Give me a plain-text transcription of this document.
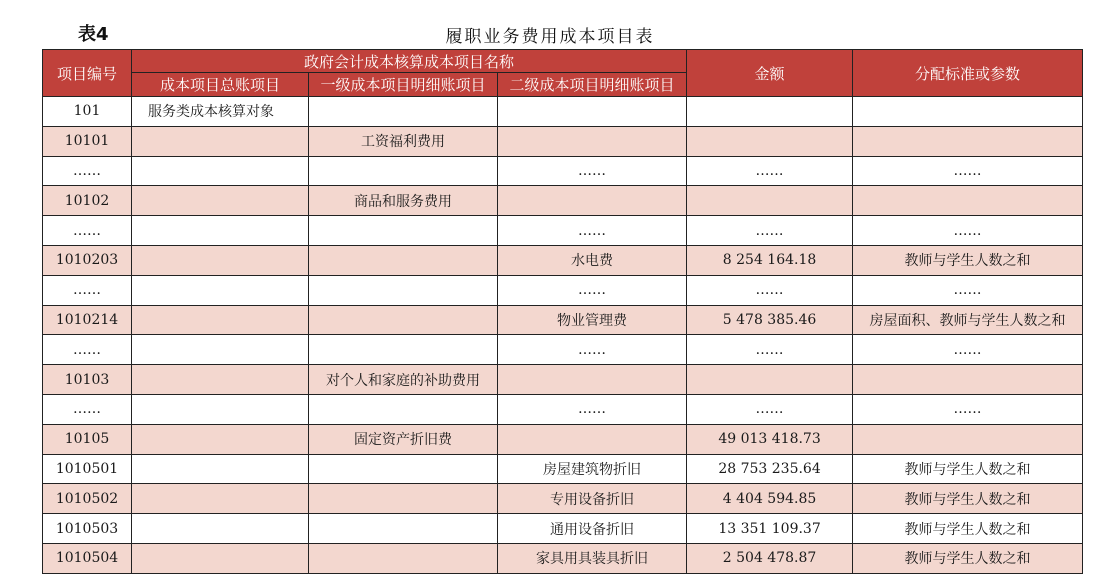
表4	履职业务费用成本项目表
项目编号	政府会计成本核算成本项目名称			金额	分配标准或参数
	成本项目总账项目	一级成本项目明细账项目	二级成本项目明细账项目		
101	服务类成本核算对象				
10101		工资福利费用			
……			……	……	……
10102		商品和服务费用			
……			……	……	……
1010203			水电费	8 254 164.18	教师与学生人数之和
……			……	……	……
1010214			物业管理费	5 478 385.46	房屋面积、教师与学生人数之和
……			……	……	……
10103		对个人和家庭的补助费用			
……			……	……	……
10105		固定资产折旧费		49 013 418.73	
1010501			房屋建筑物折旧	28 753 235.64	教师与学生人数之和
1010502			专用设备折旧	4 404 594.85	教师与学生人数之和
1010503			通用设备折旧	13 351 109.37	教师与学生人数之和
1010504			家具用具装具折旧	2 504 478.87	教师与学生人数之和
